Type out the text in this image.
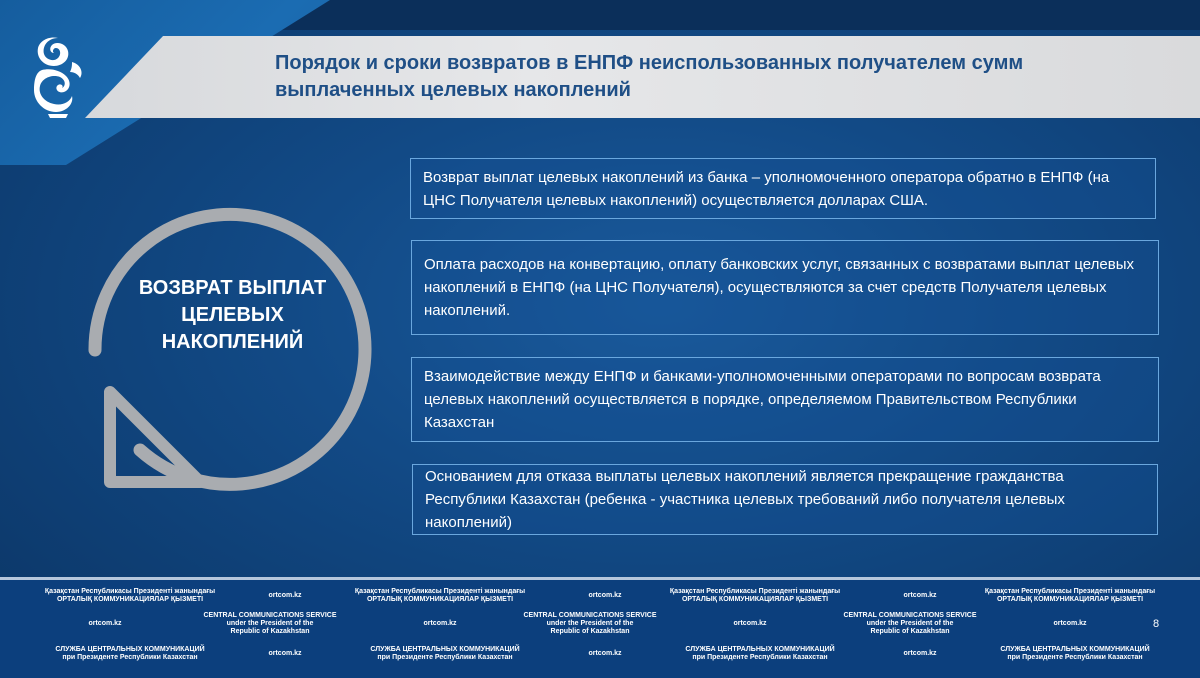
Порядок и сроки возвратов в ЕНПФ неиспользованных получателем сумм выплаченных целевых накоплений
ВОЗВРАТ ВЫПЛАТ ЦЕЛЕВЫХ НАКОПЛЕНИЙ
Возврат выплат целевых накоплений из банка – уполномоченного оператора обратно в ЕНПФ (на ЦНС Получателя целевых накоплений) осуществляется долларах США.
Оплата расходов на конвертацию, оплату банковских услуг, связанных с возвратами выплат целевых накоплений в ЕНПФ (на ЦНС Получателя), осуществляются за счет средств Получателя целевых накоплений.
Взаимодействие между ЕНПФ и банками-уполномоченными операторами по вопросам возврата целевых накоплений осуществляется в порядке, определяемом Правительством Республики Казахстан
Основанием для отказа выплаты целевых накоплений является прекращение гражданства Республики Казахстан (ребенка - участника целевых требований либо получателя целевых накоплений)
Қазақстан Республикасы Президенті жанындағы
ОРТАЛЫҚ КОММУНИКАЦИЯЛАР ҚЫЗМЕТІ
ortcom.kz
Қазақстан Республикасы Президенті жанындағы
ОРТАЛЫҚ КОММУНИКАЦИЯЛАР ҚЫЗМЕТІ
ortcom.kz
Қазақстан Республикасы Президенті жанындағы
ОРТАЛЫҚ КОММУНИКАЦИЯЛАР ҚЫЗМЕТІ
ortcom.kz
Қазақстан Республикасы Президенті жанындағы
ОРТАЛЫҚ КОММУНИКАЦИЯЛАР ҚЫЗМЕТІ
ortcom.kz
CENTRAL COMMUNICATIONS SERVICE
under the President of the
Republic of Kazakhstan
ortcom.kz
CENTRAL COMMUNICATIONS SERVICE
under the President of the
Republic of Kazakhstan
ortcom.kz
CENTRAL COMMUNICATIONS SERVICE
under the President of the
Republic of Kazakhstan
ortcom.kz
СЛУЖБА ЦЕНТРАЛЬНЫХ КОММУНИКАЦИЙ
при Президенте Республики Казахстан
ortcom.kz
СЛУЖБА ЦЕНТРАЛЬНЫХ КОММУНИКАЦИЙ
при Президенте Республики Казахстан
ortcom.kz
СЛУЖБА ЦЕНТРАЛЬНЫХ КОММУНИКАЦИЙ
при Президенте Республики Казахстан
ortcom.kz
СЛУЖБА ЦЕНТРАЛЬНЫХ КОММУНИКАЦИЙ
при Президенте Республики Казахстан
8
